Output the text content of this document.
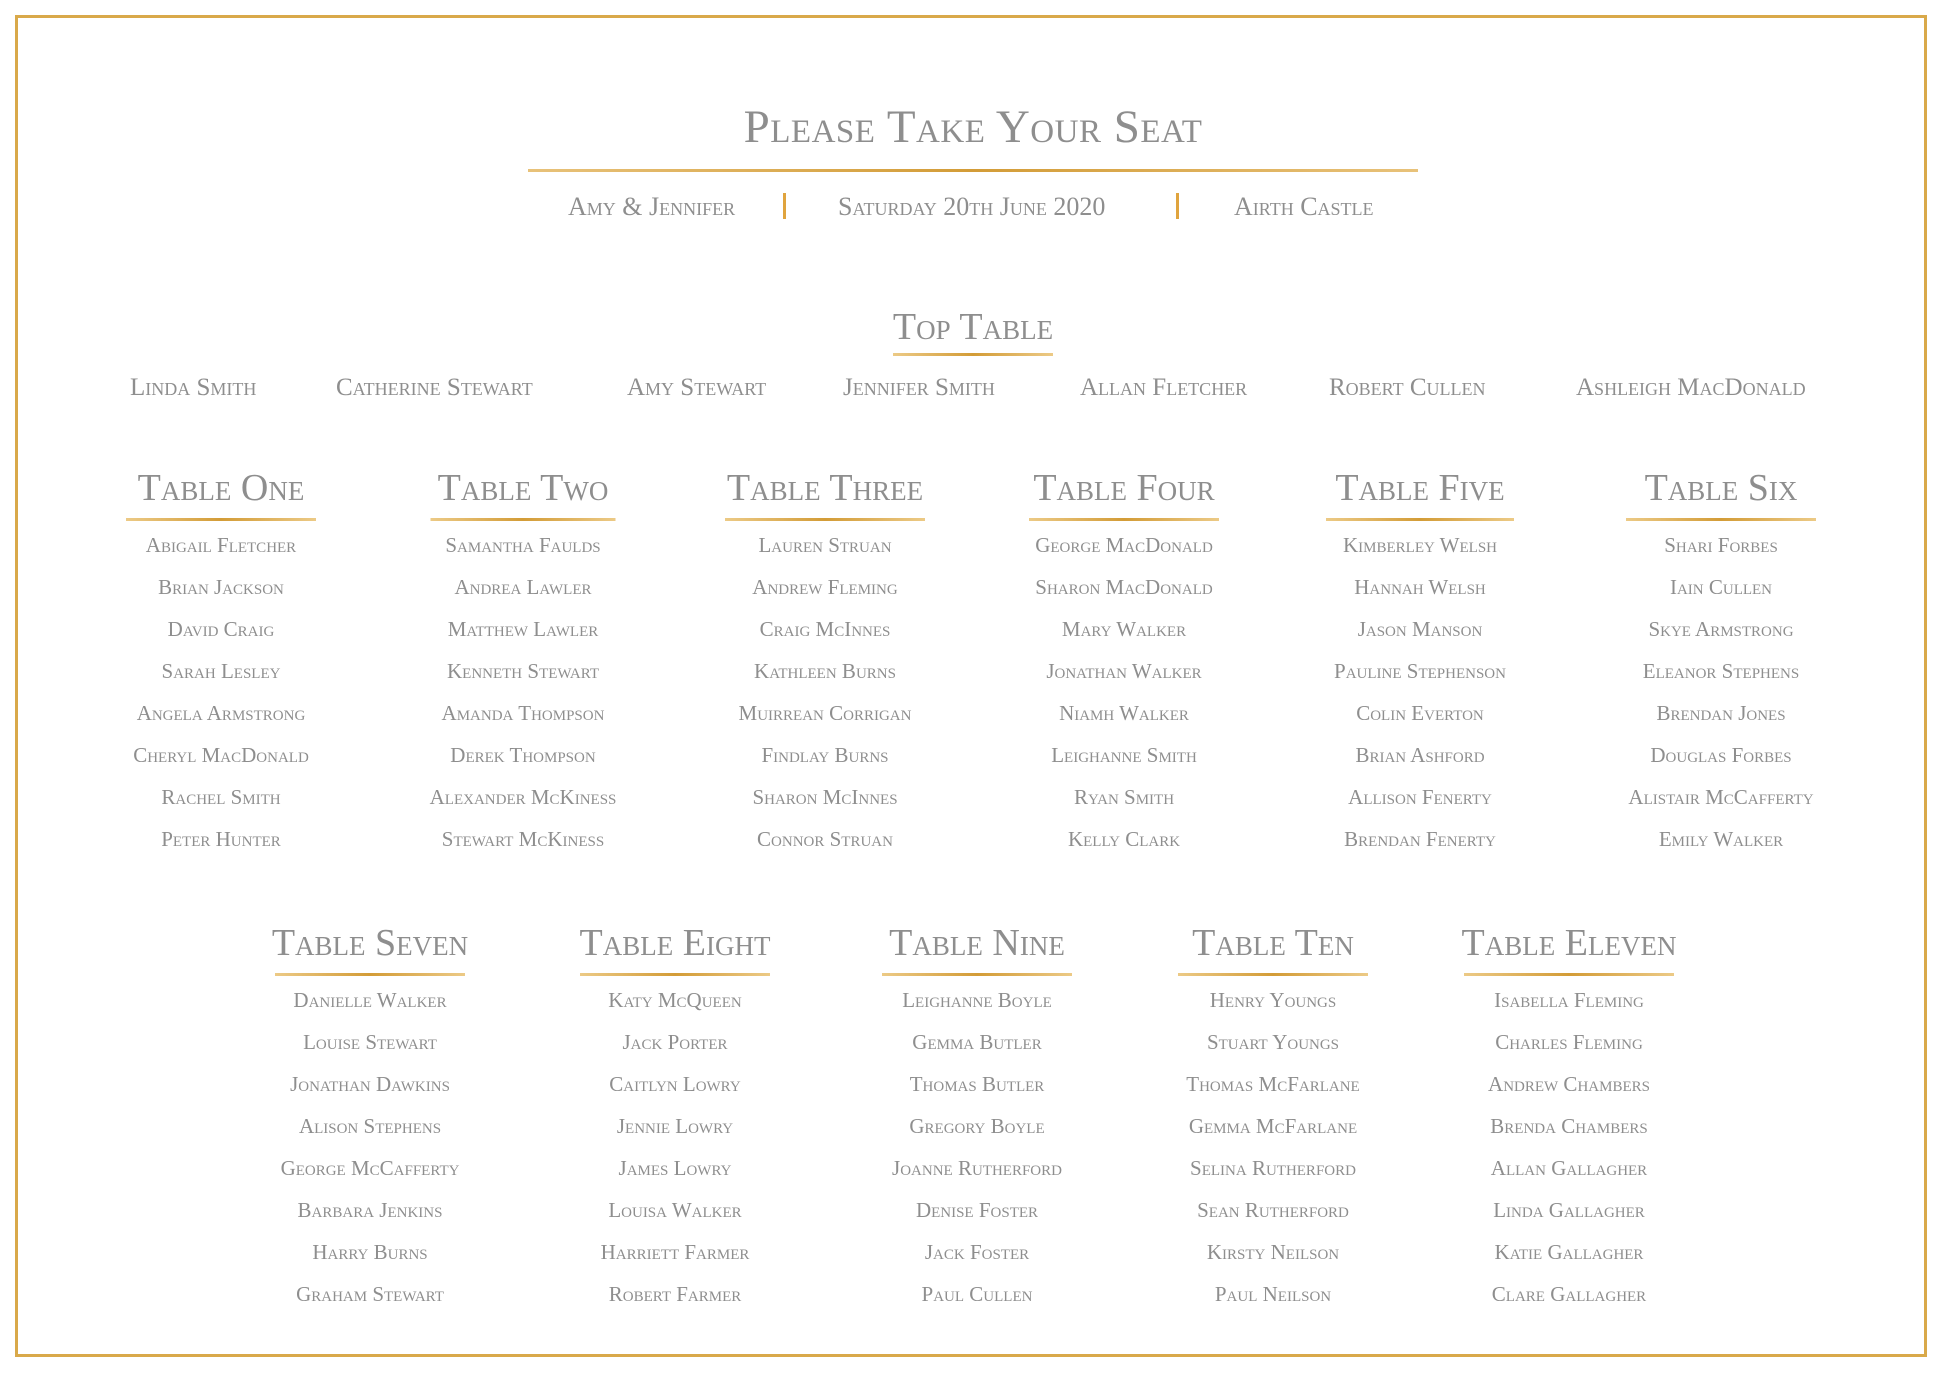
Please Take Your Seat
Amy & Jennifer	Saturday 20th June 2020	Airth Castle
Top Table
Linda Smith	Catherine Stewart	Amy Stewart	Jennifer Smith	Allan Fletcher	Robert Cullen	Ashleigh MacDonald
Table One
Abigail Fletcher
Brian Jackson
David Craig
Sarah Lesley
Angela Armstrong
Cheryl MacDonald
Rachel Smith
Peter Hunter
Table Two
Samantha Faulds
Andrea Lawler
Matthew Lawler
Kenneth Stewart
Amanda Thompson
Derek Thompson
Alexander McKiness
Stewart McKiness
Table Three
Lauren Struan
Andrew Fleming
Craig McInnes
Kathleen Burns
Muirrean Corrigan
Findlay Burns
Sharon McInnes
Connor Struan
Table Four
George MacDonald
Sharon MacDonald
Mary Walker
Jonathan Walker
Niamh Walker
Leighanne Smith
Ryan Smith
Kelly Clark
Table Five
Kimberley Welsh
Hannah Welsh
Jason Manson
Pauline Stephenson
Colin Everton
Brian Ashford
Allison Fenerty
Brendan Fenerty
Table Six
Shari Forbes
Iain Cullen
Skye Armstrong
Eleanor Stephens
Brendan Jones
Douglas Forbes
Alistair McCafferty
Emily Walker
Table Seven
Danielle Walker
Louise Stewart
Jonathan Dawkins
Alison Stephens
George McCafferty
Barbara Jenkins
Harry Burns
Graham Stewart
Table Eight
Katy McQueen
Jack Porter
Caitlyn Lowry
Jennie Lowry
James Lowry
Louisa Walker
Harriett Farmer
Robert Farmer
Table Nine
Leighanne Boyle
Gemma Butler
Thomas Butler
Gregory Boyle
Joanne Rutherford
Denise Foster
Jack Foster
Paul Cullen
Table Ten
Henry Youngs
Stuart Youngs
Thomas McFarlane
Gemma McFarlane
Selina Rutherford
Sean Rutherford
Kirsty Neilson
Paul Neilson
Table Eleven
Isabella Fleming
Charles Fleming
Andrew Chambers
Brenda Chambers
Allan Gallagher
Linda Gallagher
Katie Gallagher
Clare Gallagher
